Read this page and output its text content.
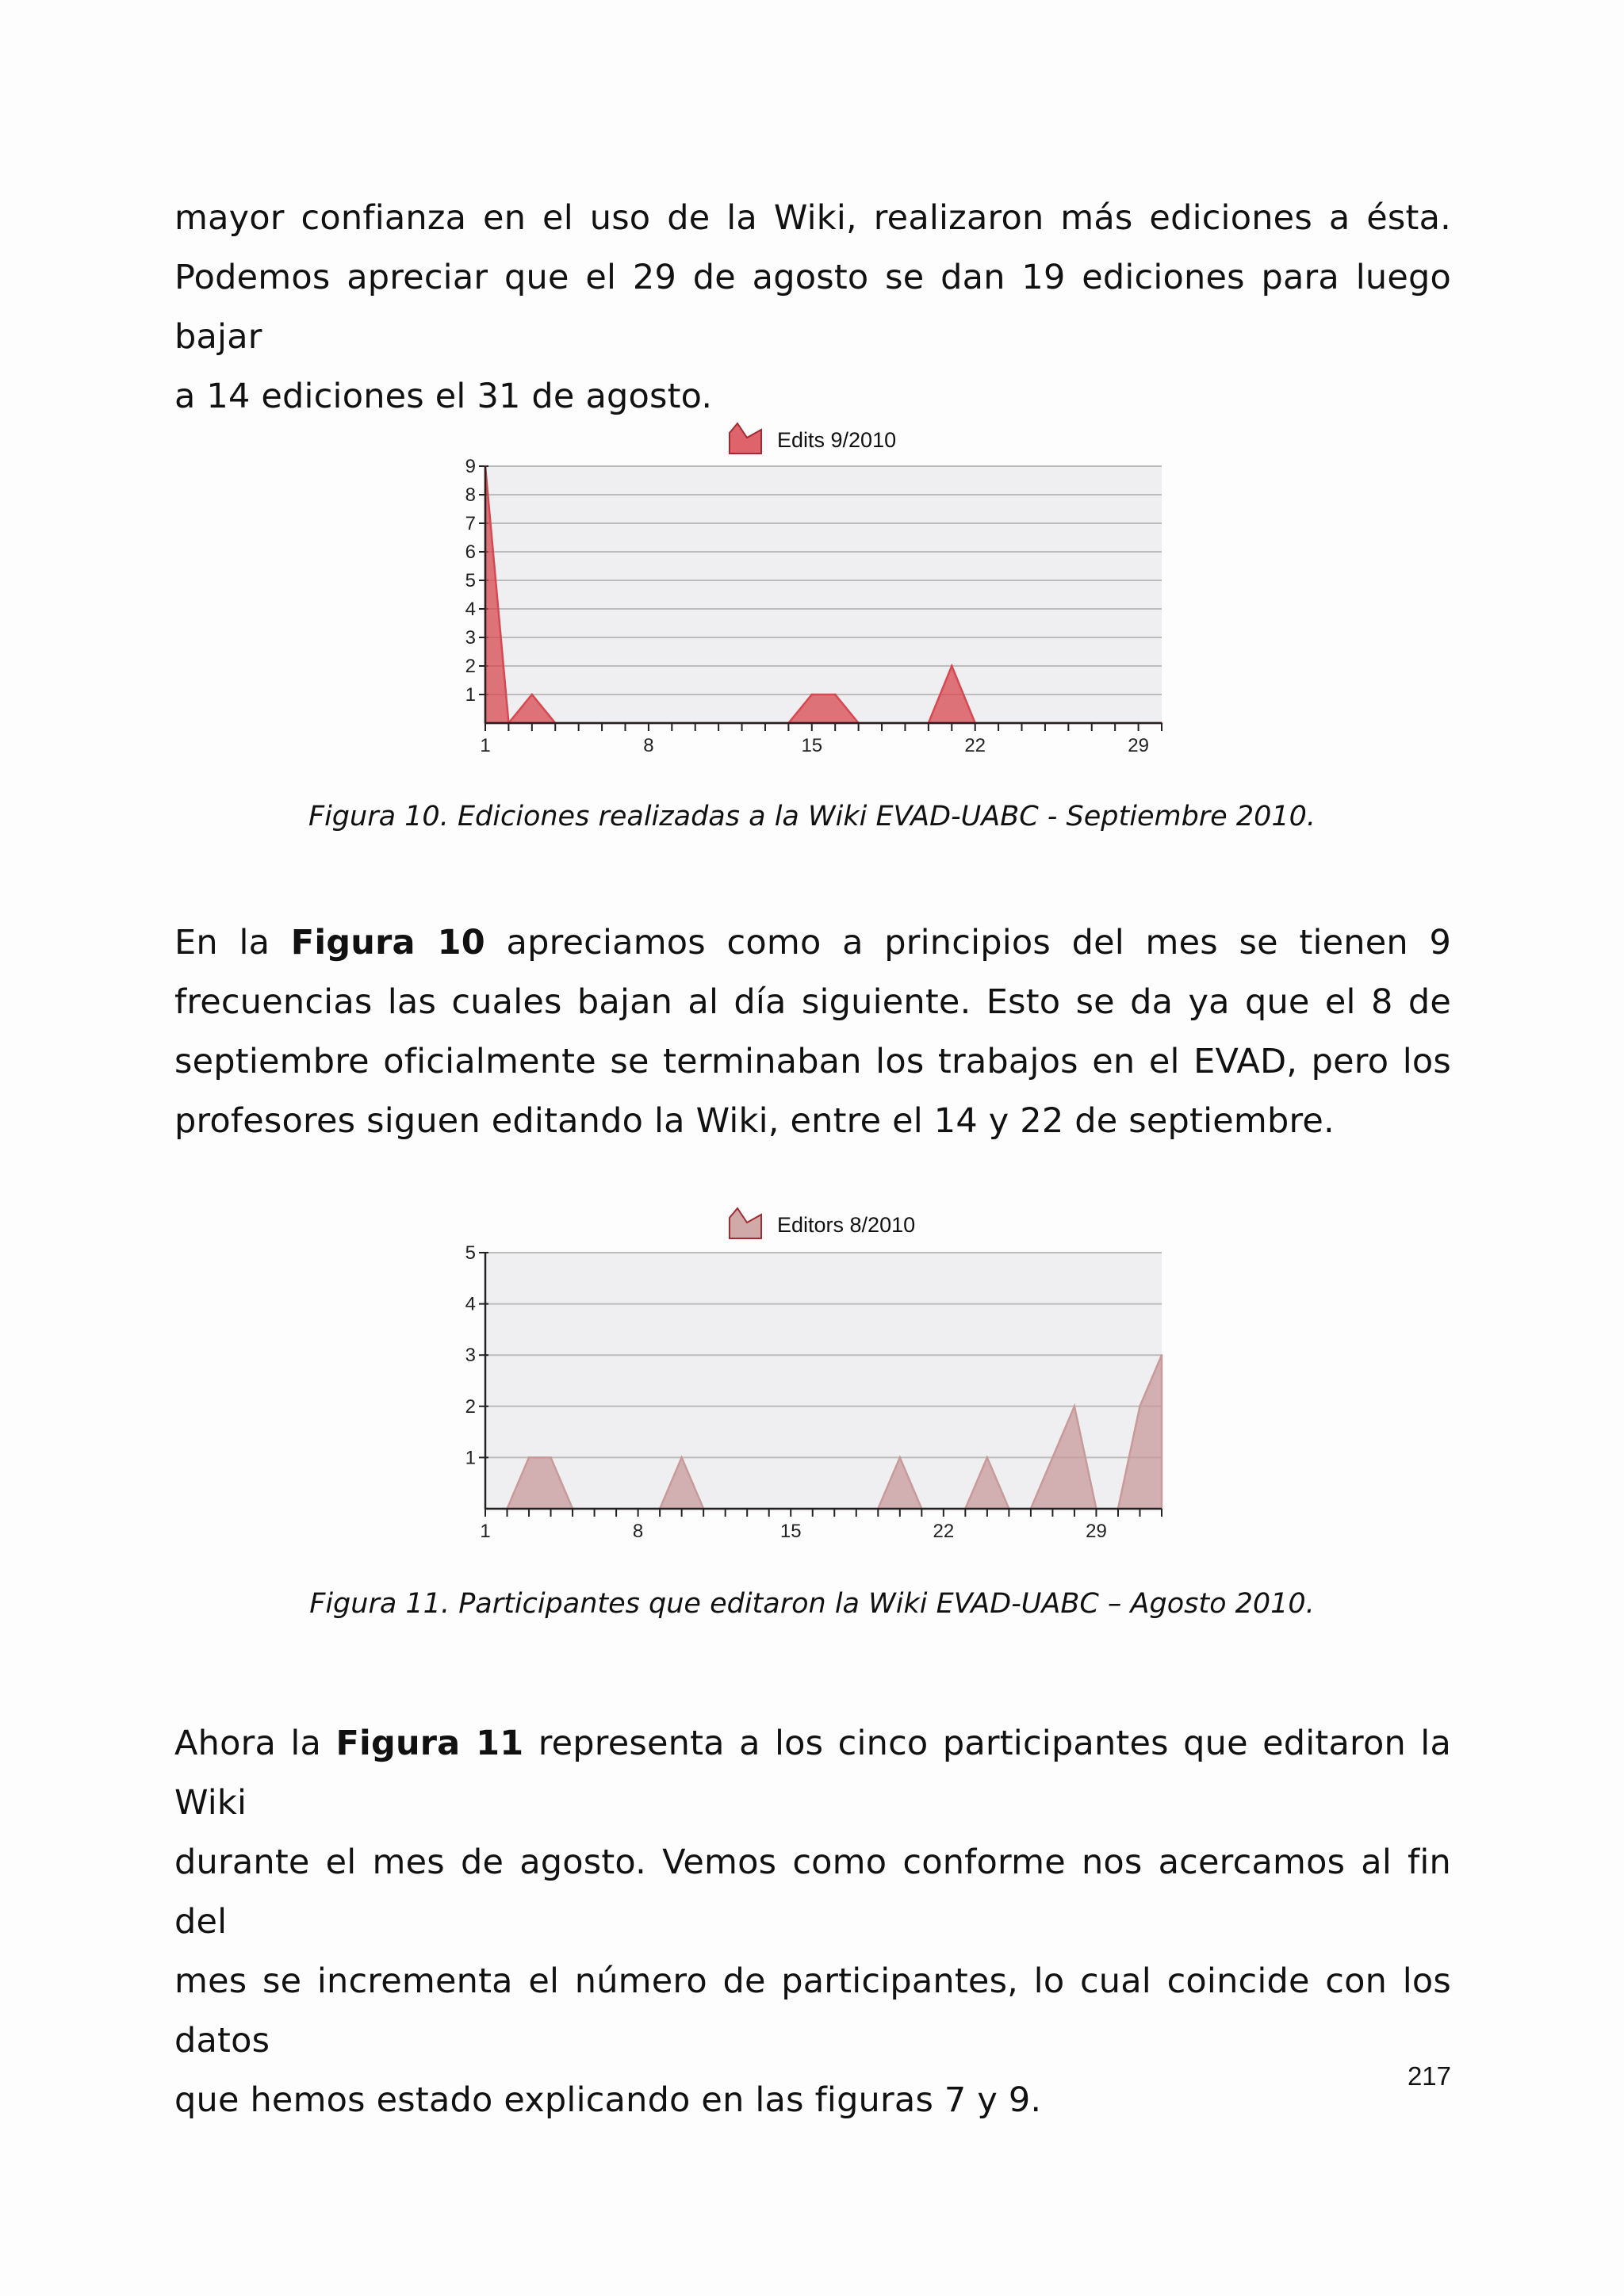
mayor confianza en el uso de la Wiki, realizaron más ediciones a ésta.
Podemos apreciar que el 29 de agosto se dan 19 ediciones para luego bajar
a 14 ediciones el 31 de agosto.
1
2
3
4
5
6
7
8
9
1	8	15	22	29
Edits 9/2010
Figura 10. Ediciones realizadas a la Wiki EVAD-UABC - Septiembre 2010.
En la Figura 10 apreciamos como a principios del mes se tienen 9
frecuencias las cuales bajan al día siguiente. Esto se da ya que el 8 de
septiembre oficialmente se terminaban los trabajos en el EVAD, pero los
profesores siguen editando la Wiki, entre el 14 y 22 de septiembre.
1
2
3
4
5
1	8	15	22	29
Editors 8/2010
Figura 11. Participantes que editaron la Wiki EVAD-UABC – Agosto 2010.
Ahora la Figura 11 representa a los cinco participantes que editaron la Wiki
durante el mes de agosto. Vemos como conforme nos acercamos al fin del
mes se incrementa el número de participantes, lo cual coincide con los datos
que hemos estado explicando en las figuras 7 y 9.
217
